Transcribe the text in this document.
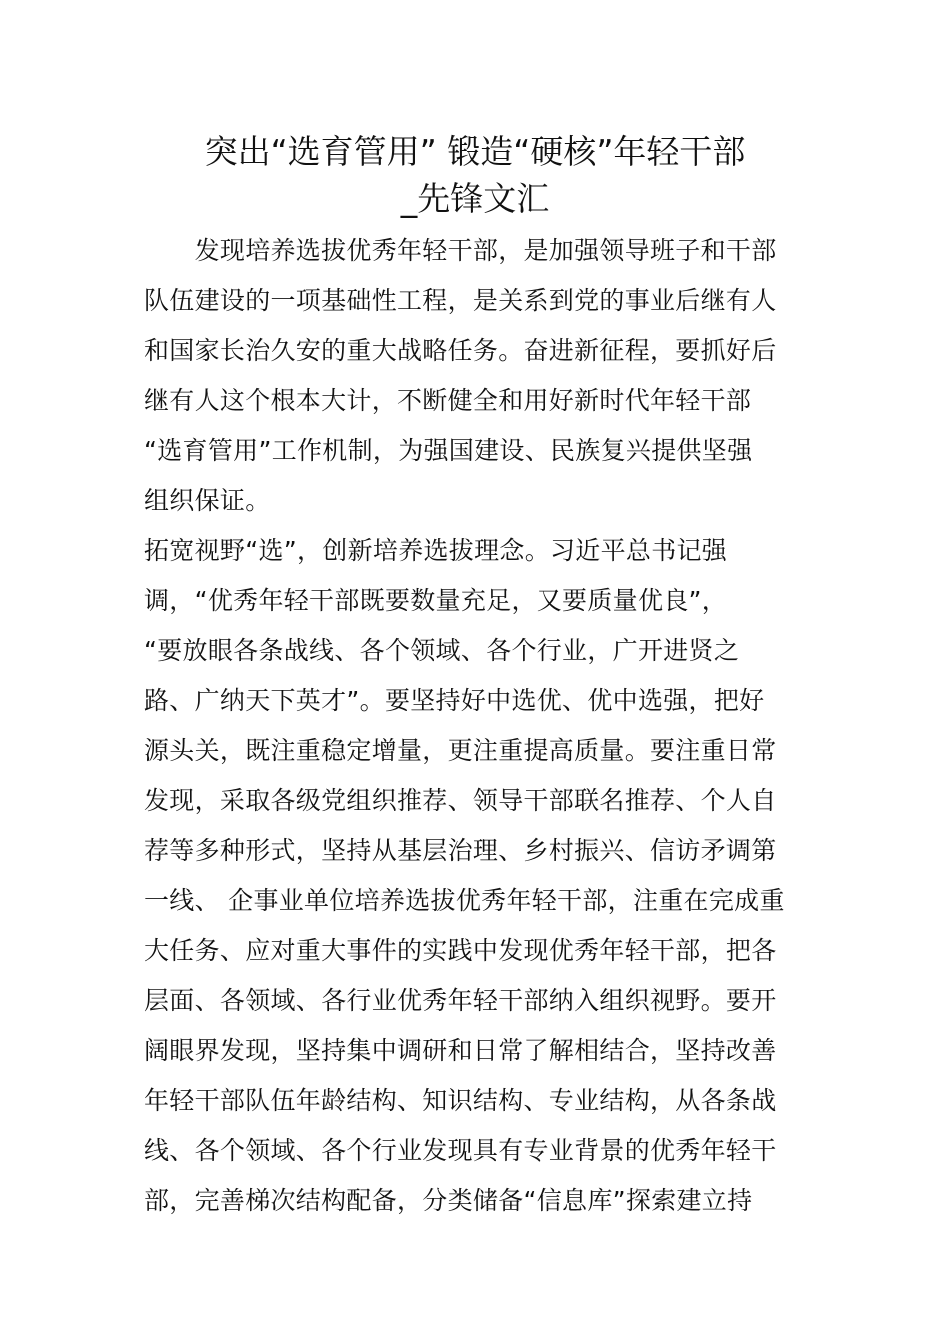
突出“选育管用” 锻造“硬核”年轻干部
_先锋文汇
　　发现培养选拔优秀年轻干部，是加强领导班子和干部
队伍建设的一项基础性工程，是关系到党的事业后继有人
和国家长治久安的重大战略任务。奋进新征程，要抓好后
继有人这个根本大计，不断健全和用好新时代年轻干部
“选育管用”工作机制，为强国建设、民族复兴提供坚强
组织保证。
拓宽视野“选”，创新培养选拔理念。习近平总书记强
调，“优秀年轻干部既要数量充足，又要质量优良”，
“要放眼各条战线、各个领域、各个行业，广开进贤之
路、广纳天下英才”。要坚持好中选优、优中选强，把好
源头关，既注重稳定增量，更注重提高质量。要注重日常
发现，采取各级党组织推荐、领导干部联名推荐、个人自
荐等多种形式，坚持从基层治理、乡村振兴、信访矛调第
一线、 企事业单位培养选拔优秀年轻干部，注重在完成重
大任务、应对重大事件的实践中发现优秀年轻干部，把各
层面、各领域、各行业优秀年轻干部纳入组织视野。要开
阔眼界发现，坚持集中调研和日常了解相结合，坚持改善
年轻干部队伍年龄结构、知识结构、专业结构，从各条战
线、各个领域、各个行业发现具有专业背景的优秀年轻干
部，完善梯次结构配备，分类储备“信息库”探索建立持
